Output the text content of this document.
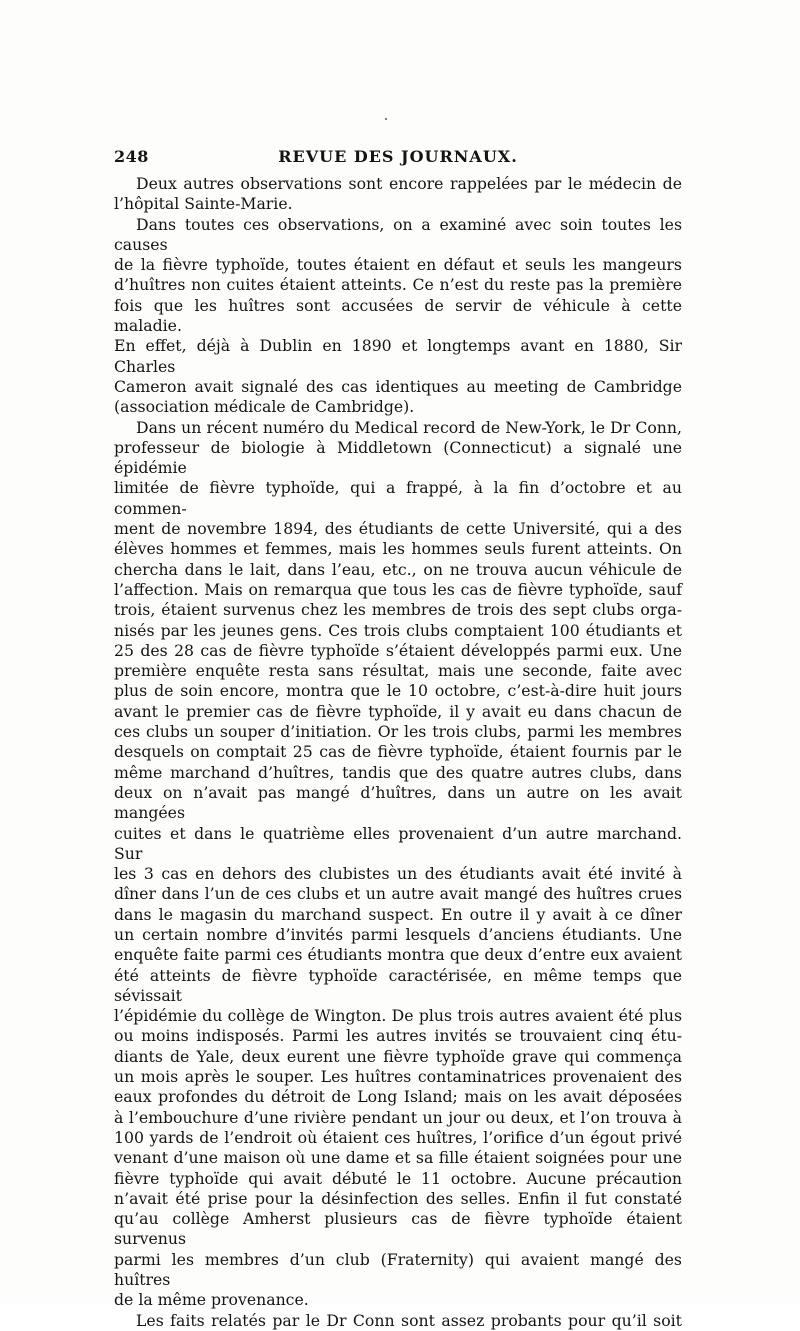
248	REVUE DES JOURNAUX.
Deux autres observations sont encore rappelées par le médecin de
l’hôpital Sainte-Marie.
Dans toutes ces observations, on a examiné avec soin toutes les causes
de la fièvre typhoïde, toutes étaient en défaut et seuls les mangeurs
d’huîtres non cuites étaient atteints. Ce n’est du reste pas la première
fois que les huîtres sont accusées de servir de véhicule à cette maladie.
En effet, déjà à Dublin en 1890 et longtemps avant en 1880, Sir Charles
Cameron avait signalé des cas identiques au meeting de Cambridge
(association médicale de Cambridge).
Dans un récent numéro du Medical record de New-York, le Dr Conn,
professeur de biologie à Middletown (Connecticut) a signalé une épidémie
limitée de fièvre typhoïde, qui a frappé, à la fin d’octobre et au commen-
ment de novembre 1894, des étudiants de cette Université, qui a des
élèves hommes et femmes, mais les hommes seuls furent atteints. On
chercha dans le lait, dans l’eau, etc., on ne trouva aucun véhicule de
l’affection. Mais on remarqua que tous les cas de fièvre typhoïde, sauf
trois, étaient survenus chez les membres de trois des sept clubs orga-
nisés par les jeunes gens. Ces trois clubs comptaient 100 étudiants et
25 des 28 cas de fièvre typhoïde s’étaient développés parmi eux. Une
première enquête resta sans résultat, mais une seconde, faite avec
plus de soin encore, montra que le 10 octobre, c’est-à-dire huit jours
avant le premier cas de fièvre typhoïde, il y avait eu dans chacun de
ces clubs un souper d’initiation. Or les trois clubs, parmi les membres
desquels on comptait 25 cas de fièvre typhoïde, étaient fournis par le
même marchand d’huîtres, tandis que des quatre autres clubs, dans
deux on n’avait pas mangé d’huîtres, dans un autre on les avait mangées
cuites et dans le quatrième elles provenaient d’un autre marchand. Sur
les 3 cas en dehors des clubistes un des étudiants avait été invité à
dîner dans l’un de ces clubs et un autre avait mangé des huîtres crues
dans le magasin du marchand suspect. En outre il y avait à ce dîner
un certain nombre d’invités parmi lesquels d’anciens étudiants. Une
enquête faite parmi ces étudiants montra que deux d’entre eux avaient
été atteints de fièvre typhoïde caractérisée, en même temps que sévissait
l’épidémie du collège de Wington. De plus trois autres avaient été plus
ou moins indisposés. Parmi les autres invités se trouvaient cinq étu-
diants de Yale, deux eurent une fièvre typhoïde grave qui commença
un mois après le souper. Les huîtres contaminatrices provenaient des
eaux profondes du détroit de Long Island; mais on les avait déposées
à l’embouchure d’une rivière pendant un jour ou deux, et l’on trouva à
100 yards de l’endroit où étaient ces huîtres, l’orifice d’un égout privé
venant d’une maison où une dame et sa fille étaient soignées pour une
fièvre typhoïde qui avait débuté le 11 octobre. Aucune précaution
n’avait été prise pour la désinfection des selles. Enfin il fut constaté
qu’au collège Amherst plusieurs cas de fièvre typhoïde étaient survenus
parmi les membres d’un club (Fraternity) qui avaient mangé des huîtres
de la même provenance.
Les faits relatés par le Dr Conn sont assez probants pour qu’il soit
